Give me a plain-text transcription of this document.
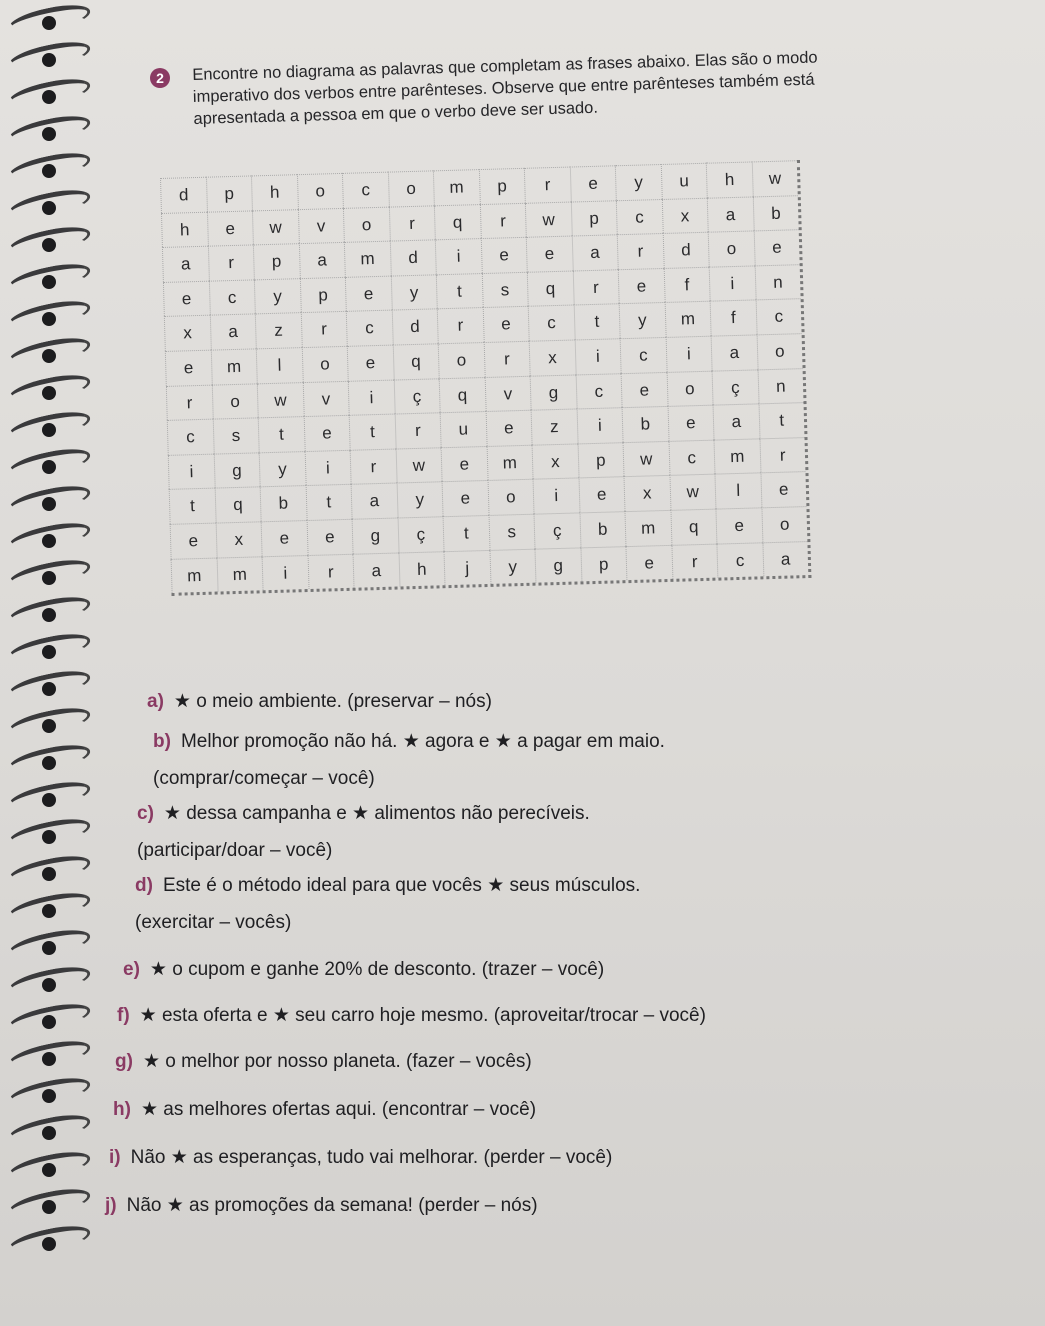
2	Encontre no diagrama as palavras que completam as frases abaixo. Elas são o modo imperativo dos verbos entre parênteses. Observe que entre parênteses também está apresentada a pessoa em que o verbo deve ser usado.
d	p	h	o	c	o	m	p	r	e	y	u	h	w
h	e	w	v	o	r	q	r	w	p	c	x	a	b
a	r	p	a	m	d	i	e	e	a	r	d	o	e
e	c	y	p	e	y	t	s	q	r	e	f	i	n
x	a	z	r	c	d	r	e	c	t	y	m	f	c
e	m	l	o	e	q	o	r	x	i	c	i	a	o
r	o	w	v	i	ç	q	v	g	c	e	o	ç	n
c	s	t	e	t	r	u	e	z	i	b	e	a	t
i	g	y	i	r	w	e	m	x	p	w	c	m	r
t	q	b	t	a	y	e	o	i	e	x	w	l	e
e	x	e	e	g	ç	t	s	ç	b	m	q	e	o
m	m	i	r	a	h	j	y	g	p	e	r	c	a
a) ★ o meio ambiente. (preservar – nós)
b) Melhor promoção não há. ★ agora e ★ a pagar em maio.
(comprar/começar – você)
c) ★ dessa campanha e ★ alimentos não perecíveis.
(participar/doar – você)
d) Este é o método ideal para que vocês ★ seus músculos.
(exercitar – vocês)
e) ★ o cupom e ganhe 20% de desconto. (trazer – você)
f) ★ esta oferta e ★ seu carro hoje mesmo. (aproveitar/trocar – você)
g) ★ o melhor por nosso planeta. (fazer – vocês)
h) ★ as melhores ofertas aqui. (encontrar – você)
i) Não ★ as esperanças, tudo vai melhorar. (perder – você)
j) Não ★ as promoções da semana! (perder – nós)
